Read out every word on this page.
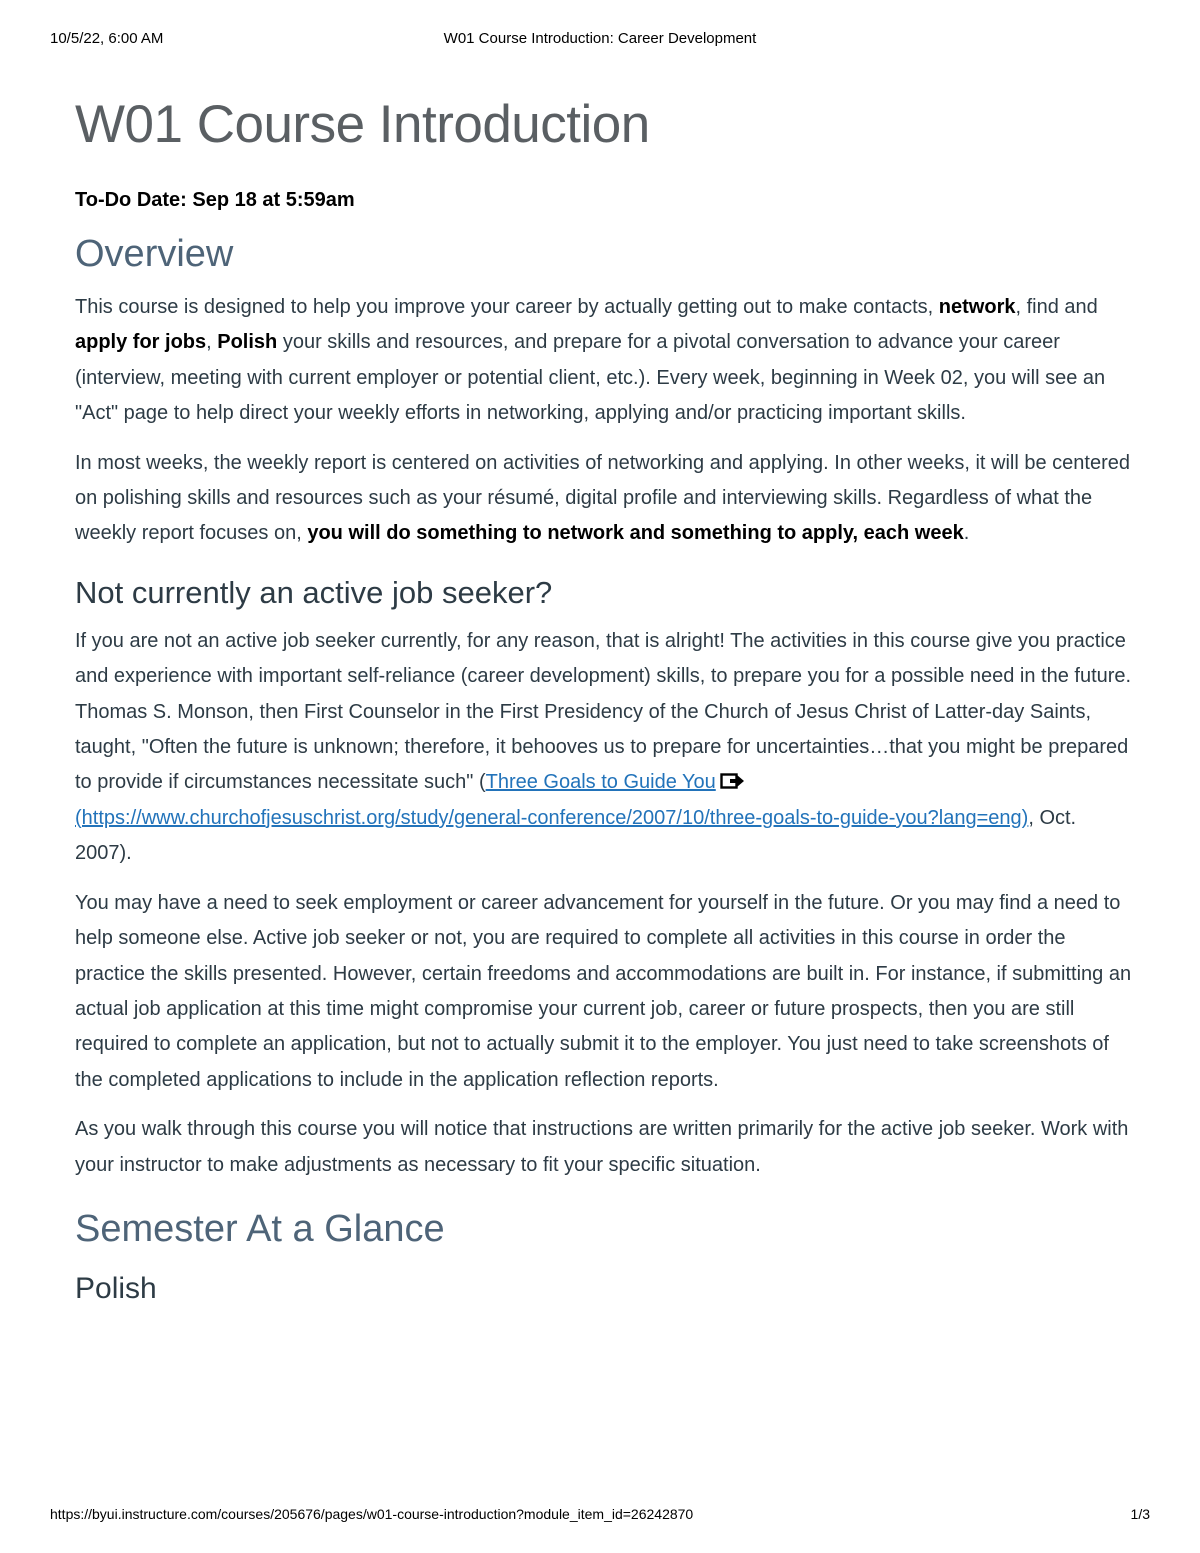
10/5/22, 6:00 AM	W01 Course Introduction: Career Development
W01 Course Introduction
To-Do Date: Sep 18 at 5:59am
Overview

This course is designed to help you improve your career by actually getting out to make contacts, network, find and apply for jobs, Polish your skills and resources, and prepare for a pivotal conversation to advance your career (interview, meeting with current employer or potential client, etc.). Every week, beginning in Week 02, you will see an "Act" page to help direct your weekly efforts in networking, applying and/or practicing important skills.

In most weeks, the weekly report is centered on activities of networking and applying. In other weeks, it will be centered on polishing skills and resources such as your résumé, digital profile and interviewing skills. Regardless of what the weekly report focuses on, you will do something to network and something to apply, each week.

Not currently an active job seeker?

If you are not an active job seeker currently, for any reason, that is alright! The activities in this course give you practice and experience with important self-reliance (career development) skills, to prepare you for a possible need in the future. Thomas S. Monson, then First Counselor in the First Presidency of the Church of Jesus Christ of Latter-day Saints, taught, "Often the future is unknown; therefore, it behooves us to prepare for uncertainties…that you might be prepared to provide if circumstances necessitate such" (Three Goals to Guide You
(https://www.churchofjesuschrist.org/study/general-conference/2007/10/three-goals-to-guide-you?lang=eng), Oct. 2007).

You may have a need to seek employment or career advancement for yourself in the future. Or you may find a need to help someone else. Active job seeker or not, you are required to complete all activities in this course in order the practice the skills presented. However, certain freedoms and accommodations are built in. For instance, if submitting an actual job application at this time might compromise your current job, career or future prospects, then you are still required to complete an application, but not to actually submit it to the employer. You just need to take screenshots of the completed applications to include in the application reflection reports.

As you walk through this course you will notice that instructions are written primarily for the active job seeker. Work with your instructor to make adjustments as necessary to fit your specific situation.

Semester At a Glance
Polish
https://byui.instructure.com/courses/205676/pages/w01-course-introduction?module_item_id=26242870	1/3
